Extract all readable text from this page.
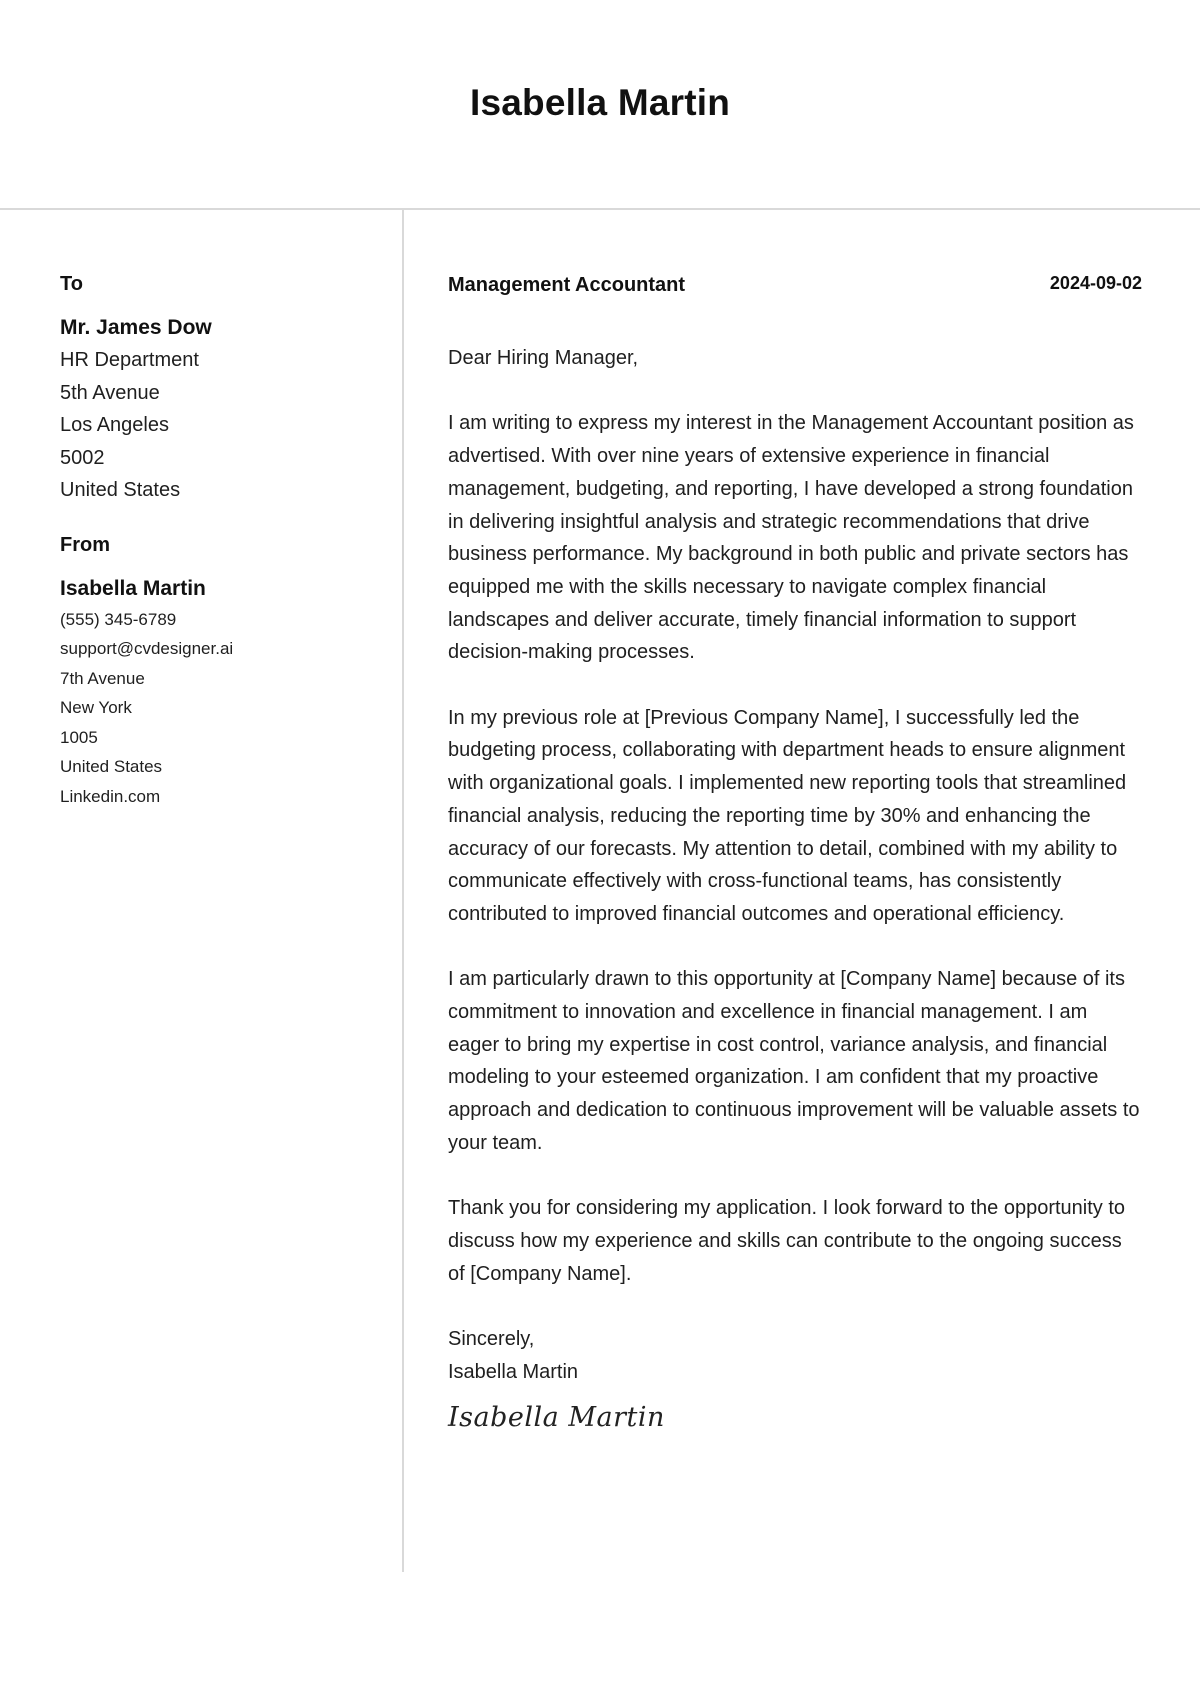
Isabella Martin
To
Mr. James Dow
HR Department
5th Avenue
Los Angeles
5002
United States
From
Isabella Martin
(555) 345-6789
support@cvdesigner.ai
7th Avenue
New York
1005
United States
Linkedin.com
Management Accountant	2024-09-02

Dear Hiring Manager,

I am writing to express my interest in the Management Accountant position as advertised. With over nine years of extensive experience in financial management, budgeting, and reporting, I have developed a strong foundation in delivering insightful analysis and strategic recommendations that drive business performance. My background in both public and private sectors has equipped me with the skills necessary to navigate complex financial landscapes and deliver accurate, timely financial information to support decision-making processes.

In my previous role at [Previous Company Name], I successfully led the budgeting process, collaborating with department heads to ensure alignment with organizational goals. I implemented new reporting tools that streamlined financial analysis, reducing the reporting time by 30% and enhancing the accuracy of our forecasts. My attention to detail, combined with my ability to communicate effectively with cross-functional teams, has consistently contributed to improved financial outcomes and operational efficiency.

I am particularly drawn to this opportunity at [Company Name] because of its commitment to innovation and excellence in financial management. I am eager to bring my expertise in cost control, variance analysis, and financial modeling to your esteemed organization. I am confident that my proactive approach and dedication to continuous improvement will be valuable assets to your team.

Thank you for considering my application. I look forward to the opportunity to discuss how my experience and skills can contribute to the ongoing success of [Company Name].

Sincerely,
Isabella Martin
Isabella Martin
